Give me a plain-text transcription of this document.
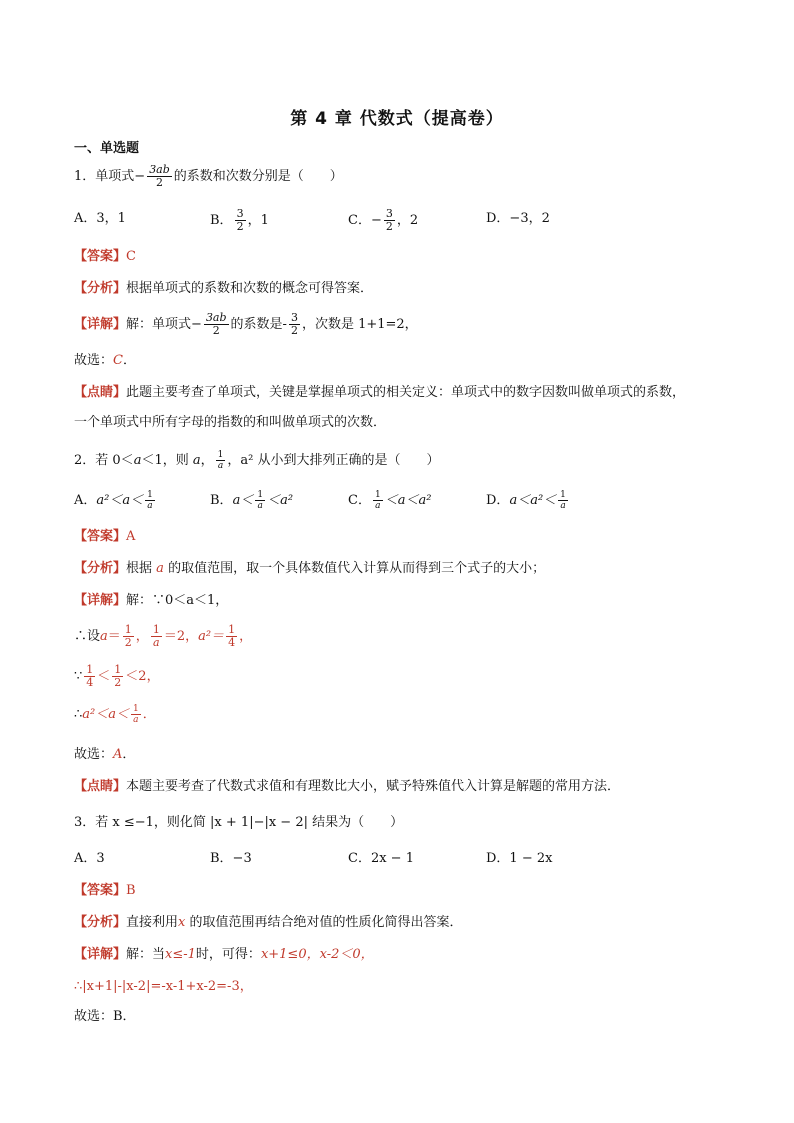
第 4 章 代数式（提高卷）
一、单选题
1．单项式− $\frac{3ab}{2}$ 的系数和次数分别是（　　）
A．3，1	B． $\frac{3}{2}$ ，1	C．− $\frac{3}{2}$ ，2	D．−3，2
【答案】C
【分析】根据单项式的系数和次数的概念可得答案．
【详解】解：单项式− $\frac{3ab}{2}$ 的系数是- $\frac{3}{2}$ ，次数是 1+1=2，
故选：C．
【点睛】此题主要考查了单项式，关键是掌握单项式的相关定义：单项式中的数字因数叫做单项式的系数，
一个单项式中所有字母的指数的和叫做单项式的次数．
2．若 0＜a＜1，则 a， $\frac{1}{a}$ ，a² 从小到大排列正确的是（　　）
A．$a^2<a< \frac{1}{a}$	B．$a< \frac{1}{a} <a^2$	C． $\frac{1}{a} <a<a^2$	D．$a<a^2< \frac{1}{a}$
【答案】A
【分析】根据 a 的取值范围，取一个具体数值代入计算从而得到三个式子的大小；
【详解】解：∵0＜a＜1，
∴设$a= \frac{1}{2}$ ， $\frac{1}{a} =2$，$a^2= \frac{1}{4}$ ，
∵ $\frac{1}{4} < \frac{1}{2} <2$，
∴a²＜a＜ $\frac{1}{a}$ ．
故选：A．
【点睛】本题主要考查了代数式求值和有理数比大小，赋予特殊值代入计算是解题的常用方法．
3．若 x ≤−1，则化简 |x + 1|−|x − 2| 结果为（　　）
A．3	B．−3	C．2x − 1	D．1 − 2x
【答案】B
【分析】直接利用x 的取值范围再结合绝对值的性质化简得出答案．
【详解】解：当x≤-1时，可得：x+1≤0，x-2＜0，
∴|x+1|-|x-2|=-x-1+x-2=-3，
故选：B．
